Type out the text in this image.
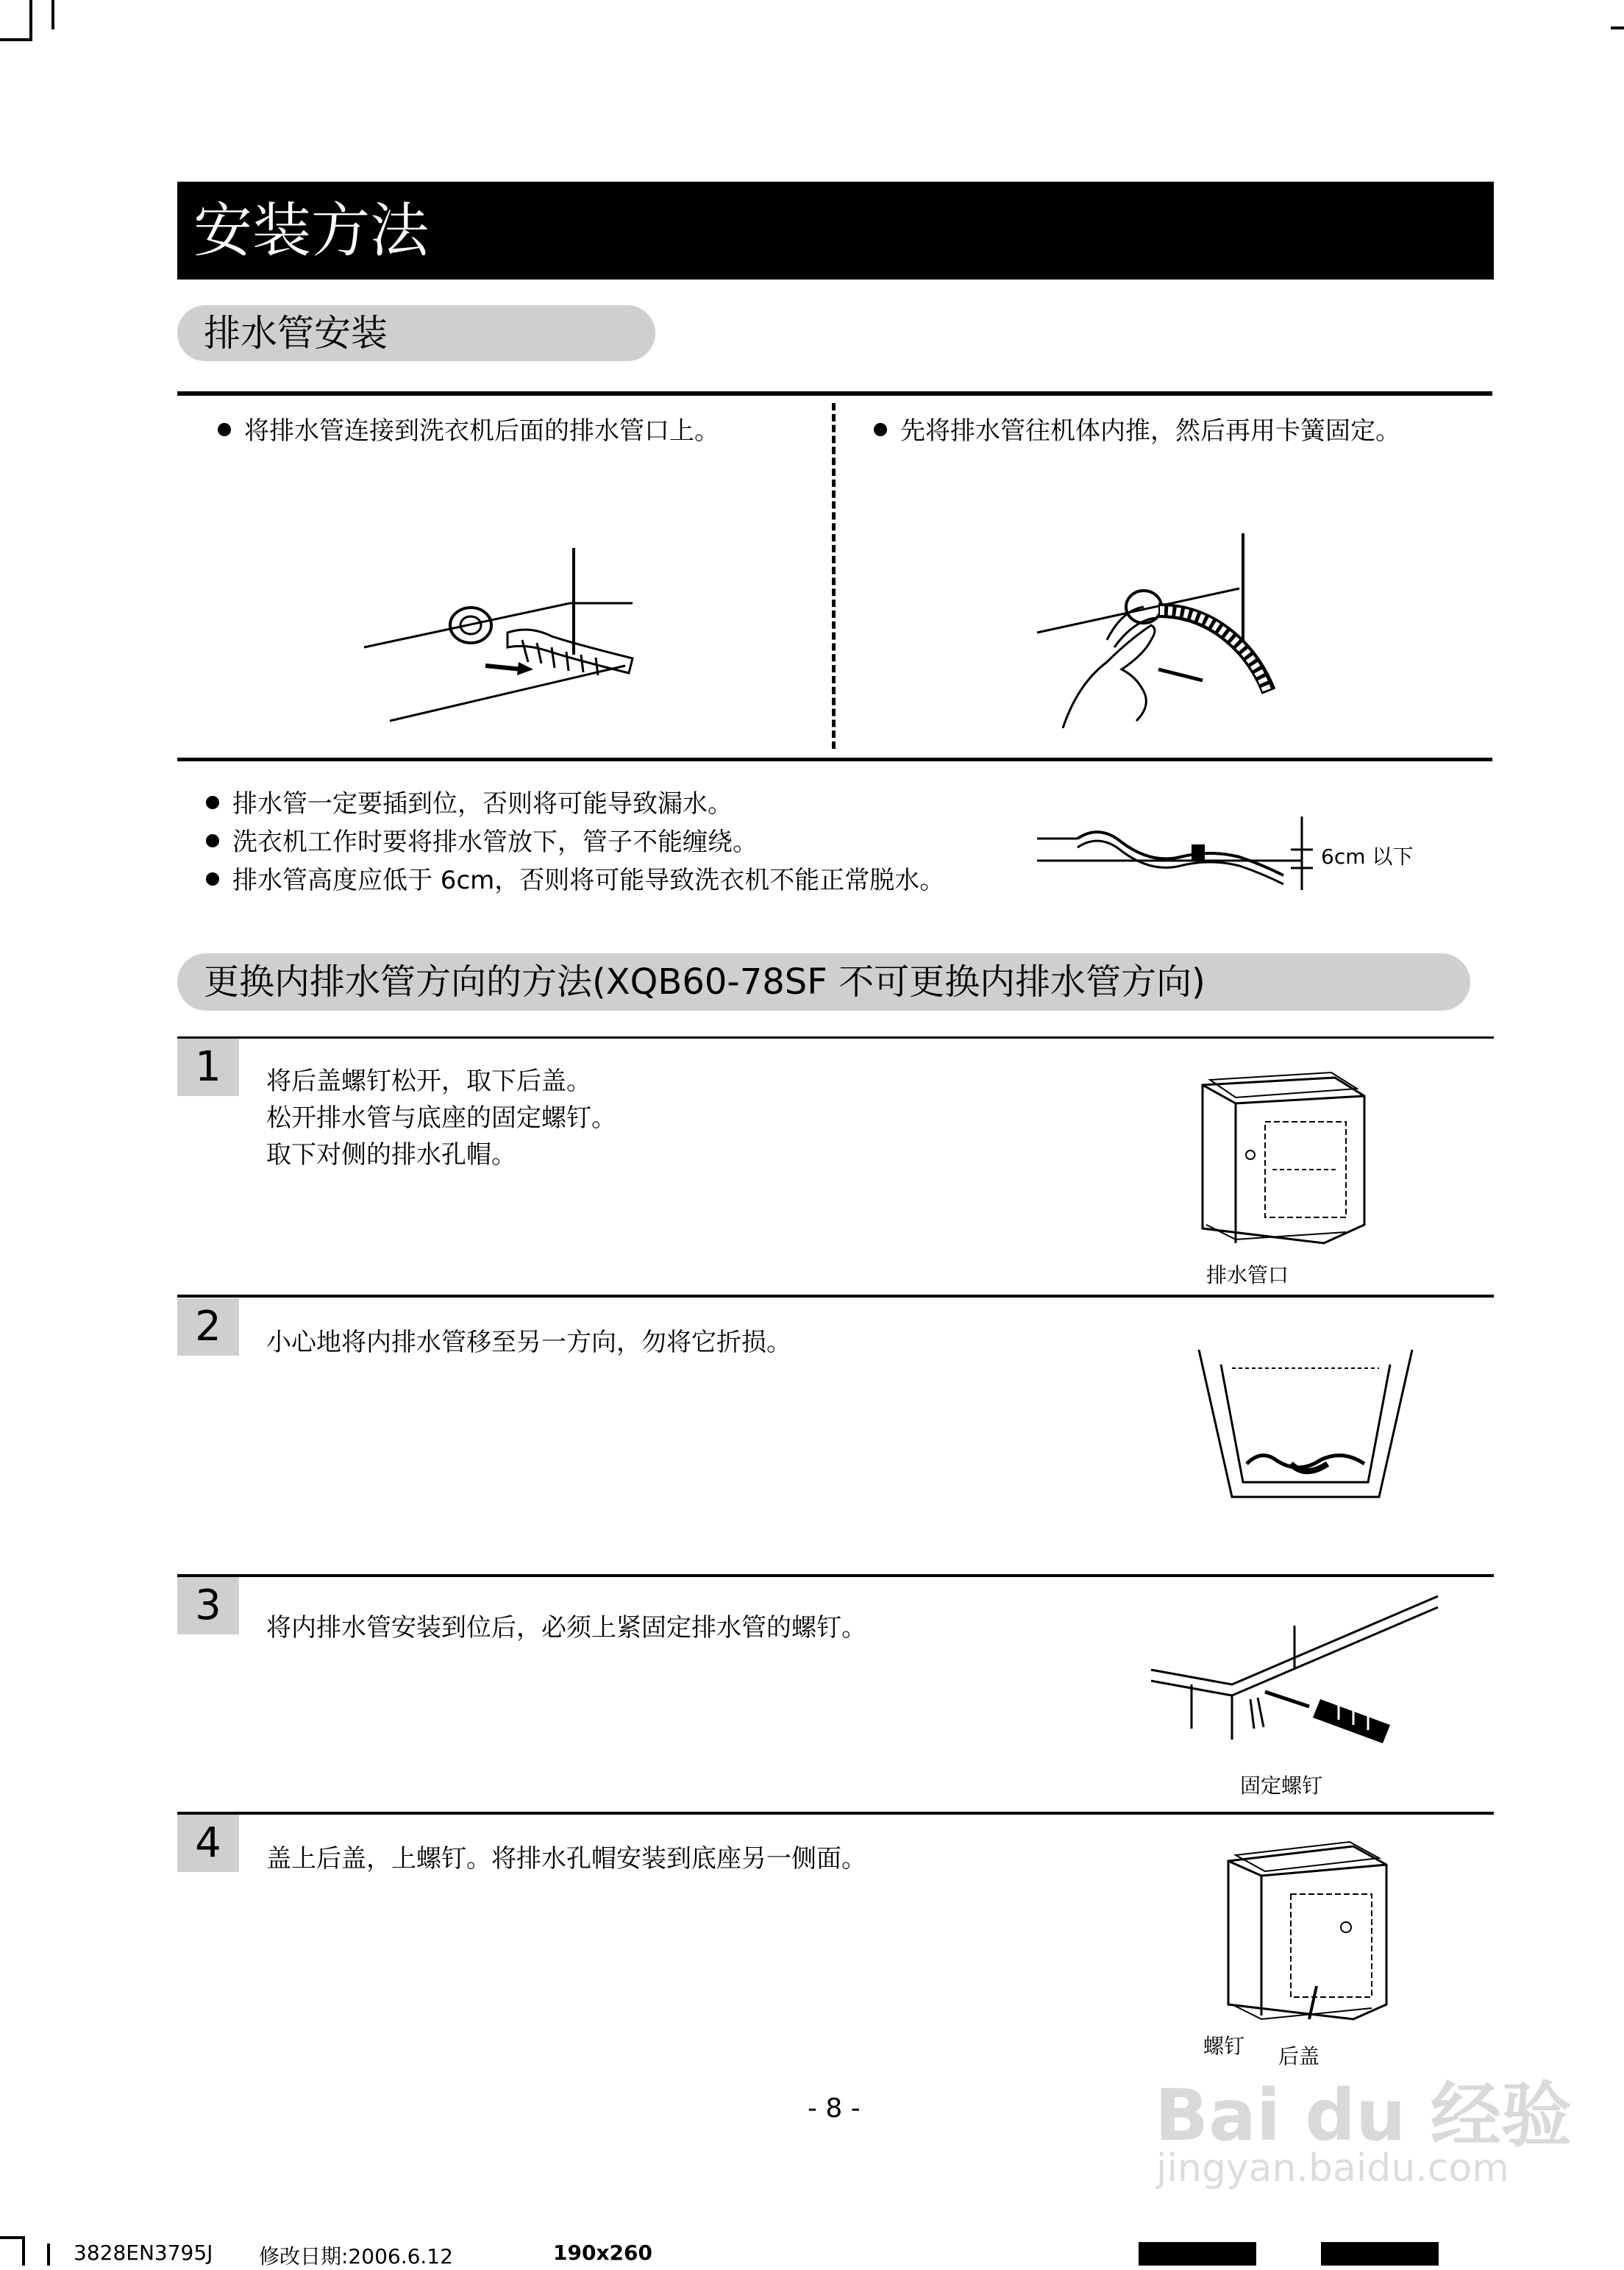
安装方法
排水管安装
将排水管连接到洗衣机后面的排水管口上。	先将排水管往机体内推，然后再用卡簧固定。
排水管一定要插到位，否则将可能导致漏水。
洗衣机工作时要将排水管放下，管子不能缠绕。
排水管高度应低于 6cm，否则将可能导致洗衣机不能正常脱水。
6cm 以下
更换内排水管方向的方法(XQB60-78SF 不可更换内排水管方向)
1	将后盖螺钉松开，取下后盖。
松开排水管与底座的固定螺钉。
取下对侧的排水孔帽。
排水管口
2	小心地将内排水管移至另一方向，勿将它折损。
3	将内排水管安装到位后，必须上紧固定排水管的螺钉。
固定螺钉
4	盖上后盖，上螺钉。将排水孔帽安装到底座另一侧面。
螺钉 后盖
Bai du 经验
jingyan.baidu.com
- 8 -
3828EN3795J 修改日期:2006.6.12	190x260
